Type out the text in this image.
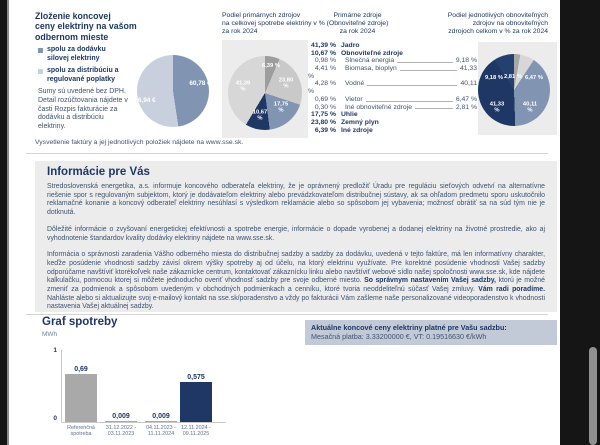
Zloženie koncovej
ceny elektriny na vašom
odbernom mieste
Podiel primárnych zdrojov
na celkovej spotrebe elektriny v %
za rok 2024
Primárne zdroje
(Obnoviteľné zdroje)
za rok 2024
Podiel jednotlivých obnoviteľných
zdrojov na obnoviteľných
zdrojoch celkom v % za rok 2024
spolu za dodávku silovej elektriny
spolu za distribúciu a regulované poplatky
Sumy sú uvedené bez DPH. Detail rozúčtovania nájdete v časti Rozpis fakturácie za dodávku a distribúciu elektriny.
60,78 €
66,94 €
6,39 %
23,80 %
17,75 %
10,67 %
41,39 %
41,39 % Jadro
10,67 % Obnoviteľné zdroje
0,98 % Slnečná energia	9,18 %
4,41 % Biomasa, bioplyn	41,33
%
4,28 % Vodné	40,11
%
0,69 % Vietor	6,47 %
0,30 % Iné obnoviteľné zdroje	2,81 %
17,75 % Uhlie
23,80 % Zemný plyn
6,39 % Iné zdroje
9,18 % 2,81 % 6,47 %
41,33 %
40,11 %
Vysvetlenie faktúry a jej jednotlivých položiek nájdete na www.sse.sk.
Informácie pre Vás

Stredoslovenská energetika, a.s. informuje koncového odberateľa elektriny, že je oprávnený predložiť Úradu pre reguláciu sieťových odvetví na alternatívne riešenie spor s regulovaným subjektom, ktorý je dodávateľom elektriny alebo prevádzkovateľom distribučnej sústavy, ak sa ohľadom predmetu sporu uskutočnilo reklamačné konanie a koncový odberateľ elektriny nesúhlasí s výsledkom reklamácie alebo so spôsobom jej vybavenia; možnosť obrátiť sa na súd tým nie je dotknutá.

Dôležité informácie o zvyšovaní energetickej efektívnosti a spotrebe energie, informácie o dopade vyrobenej a dodanej elektriny na životné prostredie, ako aj vyhodnotenie štandardov kvality dodávky elektriny nájdete na www.sse.sk.

Informácia o správnosti zaradenia Vášho odberného miesta do distribučnej sadzby a sadzby za dodávku, uvedená v tejto faktúre, má len informatívny charakter, keďže posúdenie vhodnosti sadzby závisí okrem výšky spotreby aj od účelu, na ktorý elektrinu využívate. Pre korektné posúdenie vhodnosti Vašej sadzby odporúčame navštíviť ktorékoľvek naše zákaznícke centrum, kontaktovať zákaznícku linku alebo navštíviť webové sídlo našej spoločnosti www.sse.sk, kde nájdete kalkulačku, pomocou ktorej si môžete jednoducho overiť vhodnosť sadzby pre svoje odberné miesto. So správnym nastavením Vašej sadzby, ktorú je možné zmeniť za podmienok a spôsobom uvedeným v obchodných podmienkach a cenníku, ktoré tvoria neoddeliteľnú súčasť Vašej zmluvy. Vám radi poradíme. Nahláste alebo si aktualizujte svoj e-mailový kontakt na sse.sk/poradenstvo a vždy po fakturácii Vám zašleme naše personalizované videoporadenstvo k vhodnosti nastavenia Vašej aktuálnej sadzby.

Graf spotreby
MWh
1
0
0,69
0,009	0,009
0,575
Referenčná spotreba
31.12.2022 - 03.11.2023
04.11.2023 - 11.11.2024
12.11.2024 - 09.11.2025
Aktuálne koncové ceny elektriny platné pre Vašu sadzbu:
Mesačná platba: 3.33200000 €, VT: 0.19516630 €/kWh
